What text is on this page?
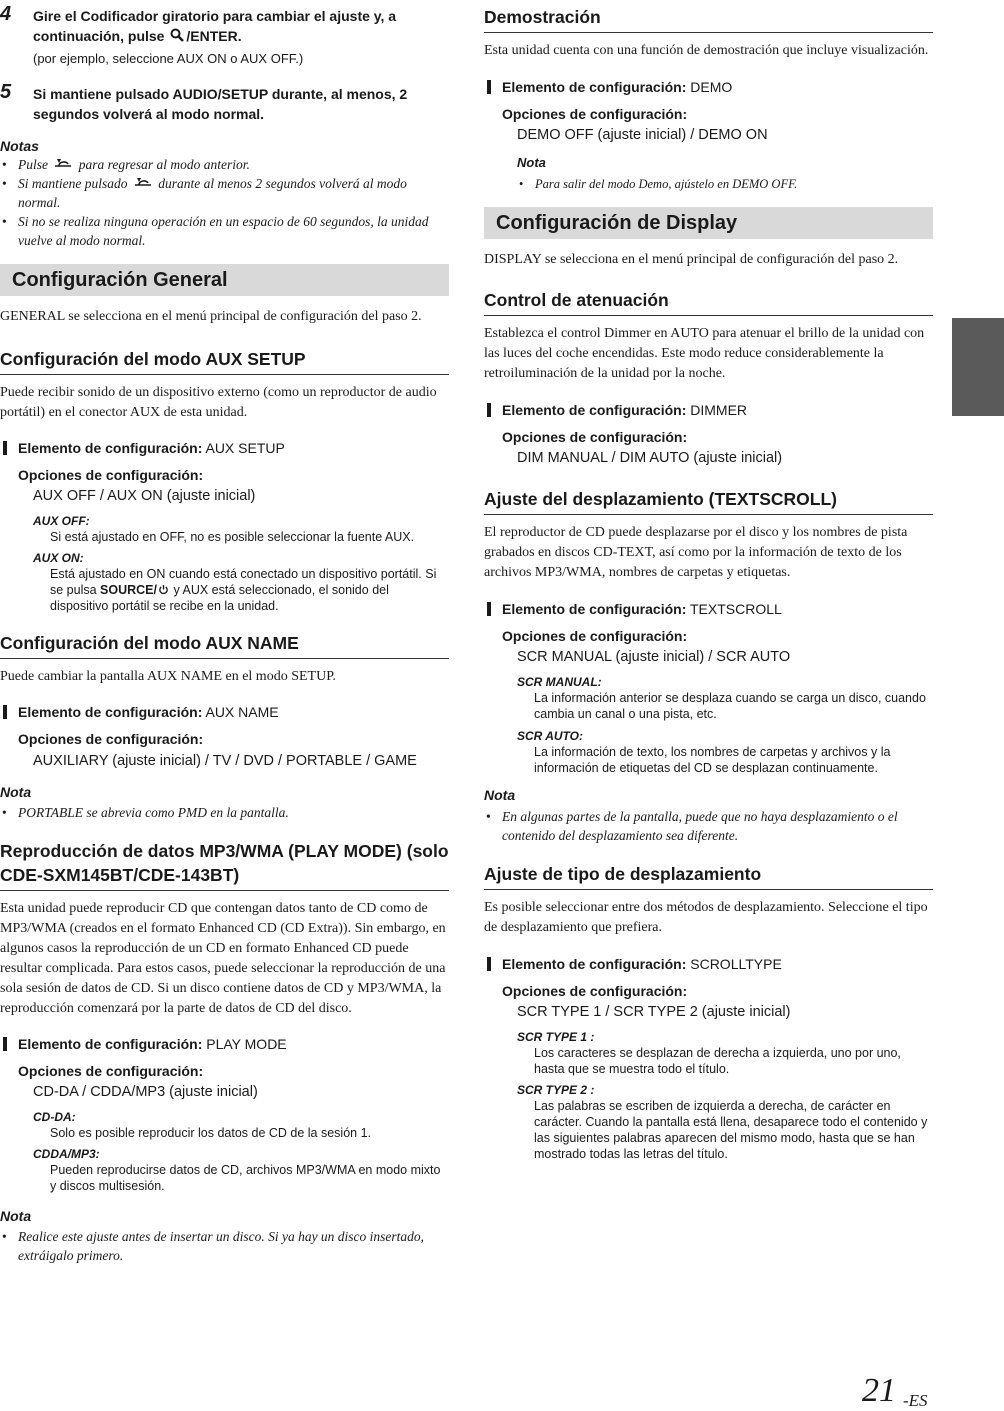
4 Gire el Codificador giratorio para cambiar el ajuste y, a continuación, pulse /ENTER.
(por ejemplo, seleccione AUX ON o AUX OFF.)
5 Si mantiene pulsado AUDIO/SETUP durante, al menos, 2 segundos volverá al modo normal.
Notas
• Pulse  para regresar al modo anterior.
• Si mantiene pulsado  durante al menos 2 segundos volverá al modo normal.
• Si no se realiza ninguna operación en un espacio de 60 segundos, la unidad vuelve al modo normal.
Configuración General

GENERAL se selecciona en el menú principal de configuración del paso 2.

Configuración del modo AUX SETUP

Puede recibir sonido de un dispositivo externo (como un reproductor de audio portátil) en el conector AUX de esta unidad.

Elemento de configuración: AUX SETUP
Opciones de configuración:
AUX OFF / AUX ON (ajuste inicial)
AUX OFF:
Si está ajustado en OFF, no es posible seleccionar la fuente AUX.
AUX ON:
Está ajustado en ON cuando está conectado un dispositivo portátil. Si se pulsa SOURCE/ y AUX está seleccionado, el sonido del dispositivo portátil se recibe en la unidad.
Configuración del modo AUX NAME

Puede cambiar la pantalla AUX NAME en el modo SETUP.

Elemento de configuración: AUX NAME
Opciones de configuración:
AUXILIARY (ajuste inicial) / TV / DVD / PORTABLE / GAME
Nota
• PORTABLE se abrevia como PMD en la pantalla.
Reproducción de datos MP3/WMA (PLAY MODE) (solo CDE-SXM145BT/CDE-143BT)

Esta unidad puede reproducir CD que contengan datos tanto de CD como de MP3/WMA (creados en el formato Enhanced CD (CD Extra)). Sin embargo, en algunos casos la reproducción de un CD en formato Enhanced CD puede resultar complicada. Para estos casos, puede seleccionar la reproducción de una sola sesión de datos de CD. Si un disco contiene datos de CD y MP3/WMA, la reproducción comenzará por la parte de datos de CD del disco.

Elemento de configuración: PLAY MODE
Opciones de configuración:
CD-DA / CDDA/MP3 (ajuste inicial)
CD-DA:
Solo es posible reproducir los datos de CD de la sesión 1.
CDDA/MP3:
Pueden reproducirse datos de CD, archivos MP3/WMA en modo mixto y discos multisesión.
Nota
• Realice este ajuste antes de insertar un disco. Si ya hay un disco insertado, extráigalo primero.
Demostración

Esta unidad cuenta con una función de demostración que incluye visualización.

Elemento de configuración: DEMO
Opciones de configuración:
DEMO OFF (ajuste inicial) / DEMO ON
Nota
• Para salir del modo Demo, ajústelo en DEMO OFF.
Configuración de Display

DISPLAY se selecciona en el menú principal de configuración del paso 2.

Control de atenuación

Establezca el control Dimmer en AUTO para atenuar el brillo de la unidad con las luces del coche encendidas. Este modo reduce considerablemente la retroiluminación de la unidad por la noche.

Elemento de configuración: DIMMER
Opciones de configuración:
DIM MANUAL / DIM AUTO (ajuste inicial)
Ajuste del desplazamiento (TEXTSCROLL)

El reproductor de CD puede desplazarse por el disco y los nombres de pista grabados en discos CD-TEXT, así como por la información de texto de los archivos MP3/WMA, nombres de carpetas y etiquetas.

Elemento de configuración: TEXTSCROLL
Opciones de configuración:
SCR MANUAL (ajuste inicial) / SCR AUTO
SCR MANUAL:
La información anterior se desplaza cuando se carga un disco, cuando cambia un canal o una pista, etc.
SCR AUTO:
La información de texto, los nombres de carpetas y archivos y la información de etiquetas del CD se desplazan continuamente.
Nota
• En algunas partes de la pantalla, puede que no haya desplazamiento o el contenido del desplazamiento sea diferente.
Ajuste de tipo de desplazamiento

Es posible seleccionar entre dos métodos de desplazamiento. Seleccione el tipo de desplazamiento que prefiera.

Elemento de configuración: SCROLLTYPE
Opciones de configuración:
SCR TYPE 1 / SCR TYPE 2 (ajuste inicial)
SCR TYPE 1 :
Los caracteres se desplazan de derecha a izquierda, uno por uno, hasta que se muestra todo el título.
SCR TYPE 2 :
Las palabras se escriben de izquierda a derecha, de carácter en carácter. Cuando la pantalla está llena, desaparece todo el contenido y las siguientes palabras aparecen del mismo modo, hasta que se han mostrado todas las letras del título.
21 -ES
